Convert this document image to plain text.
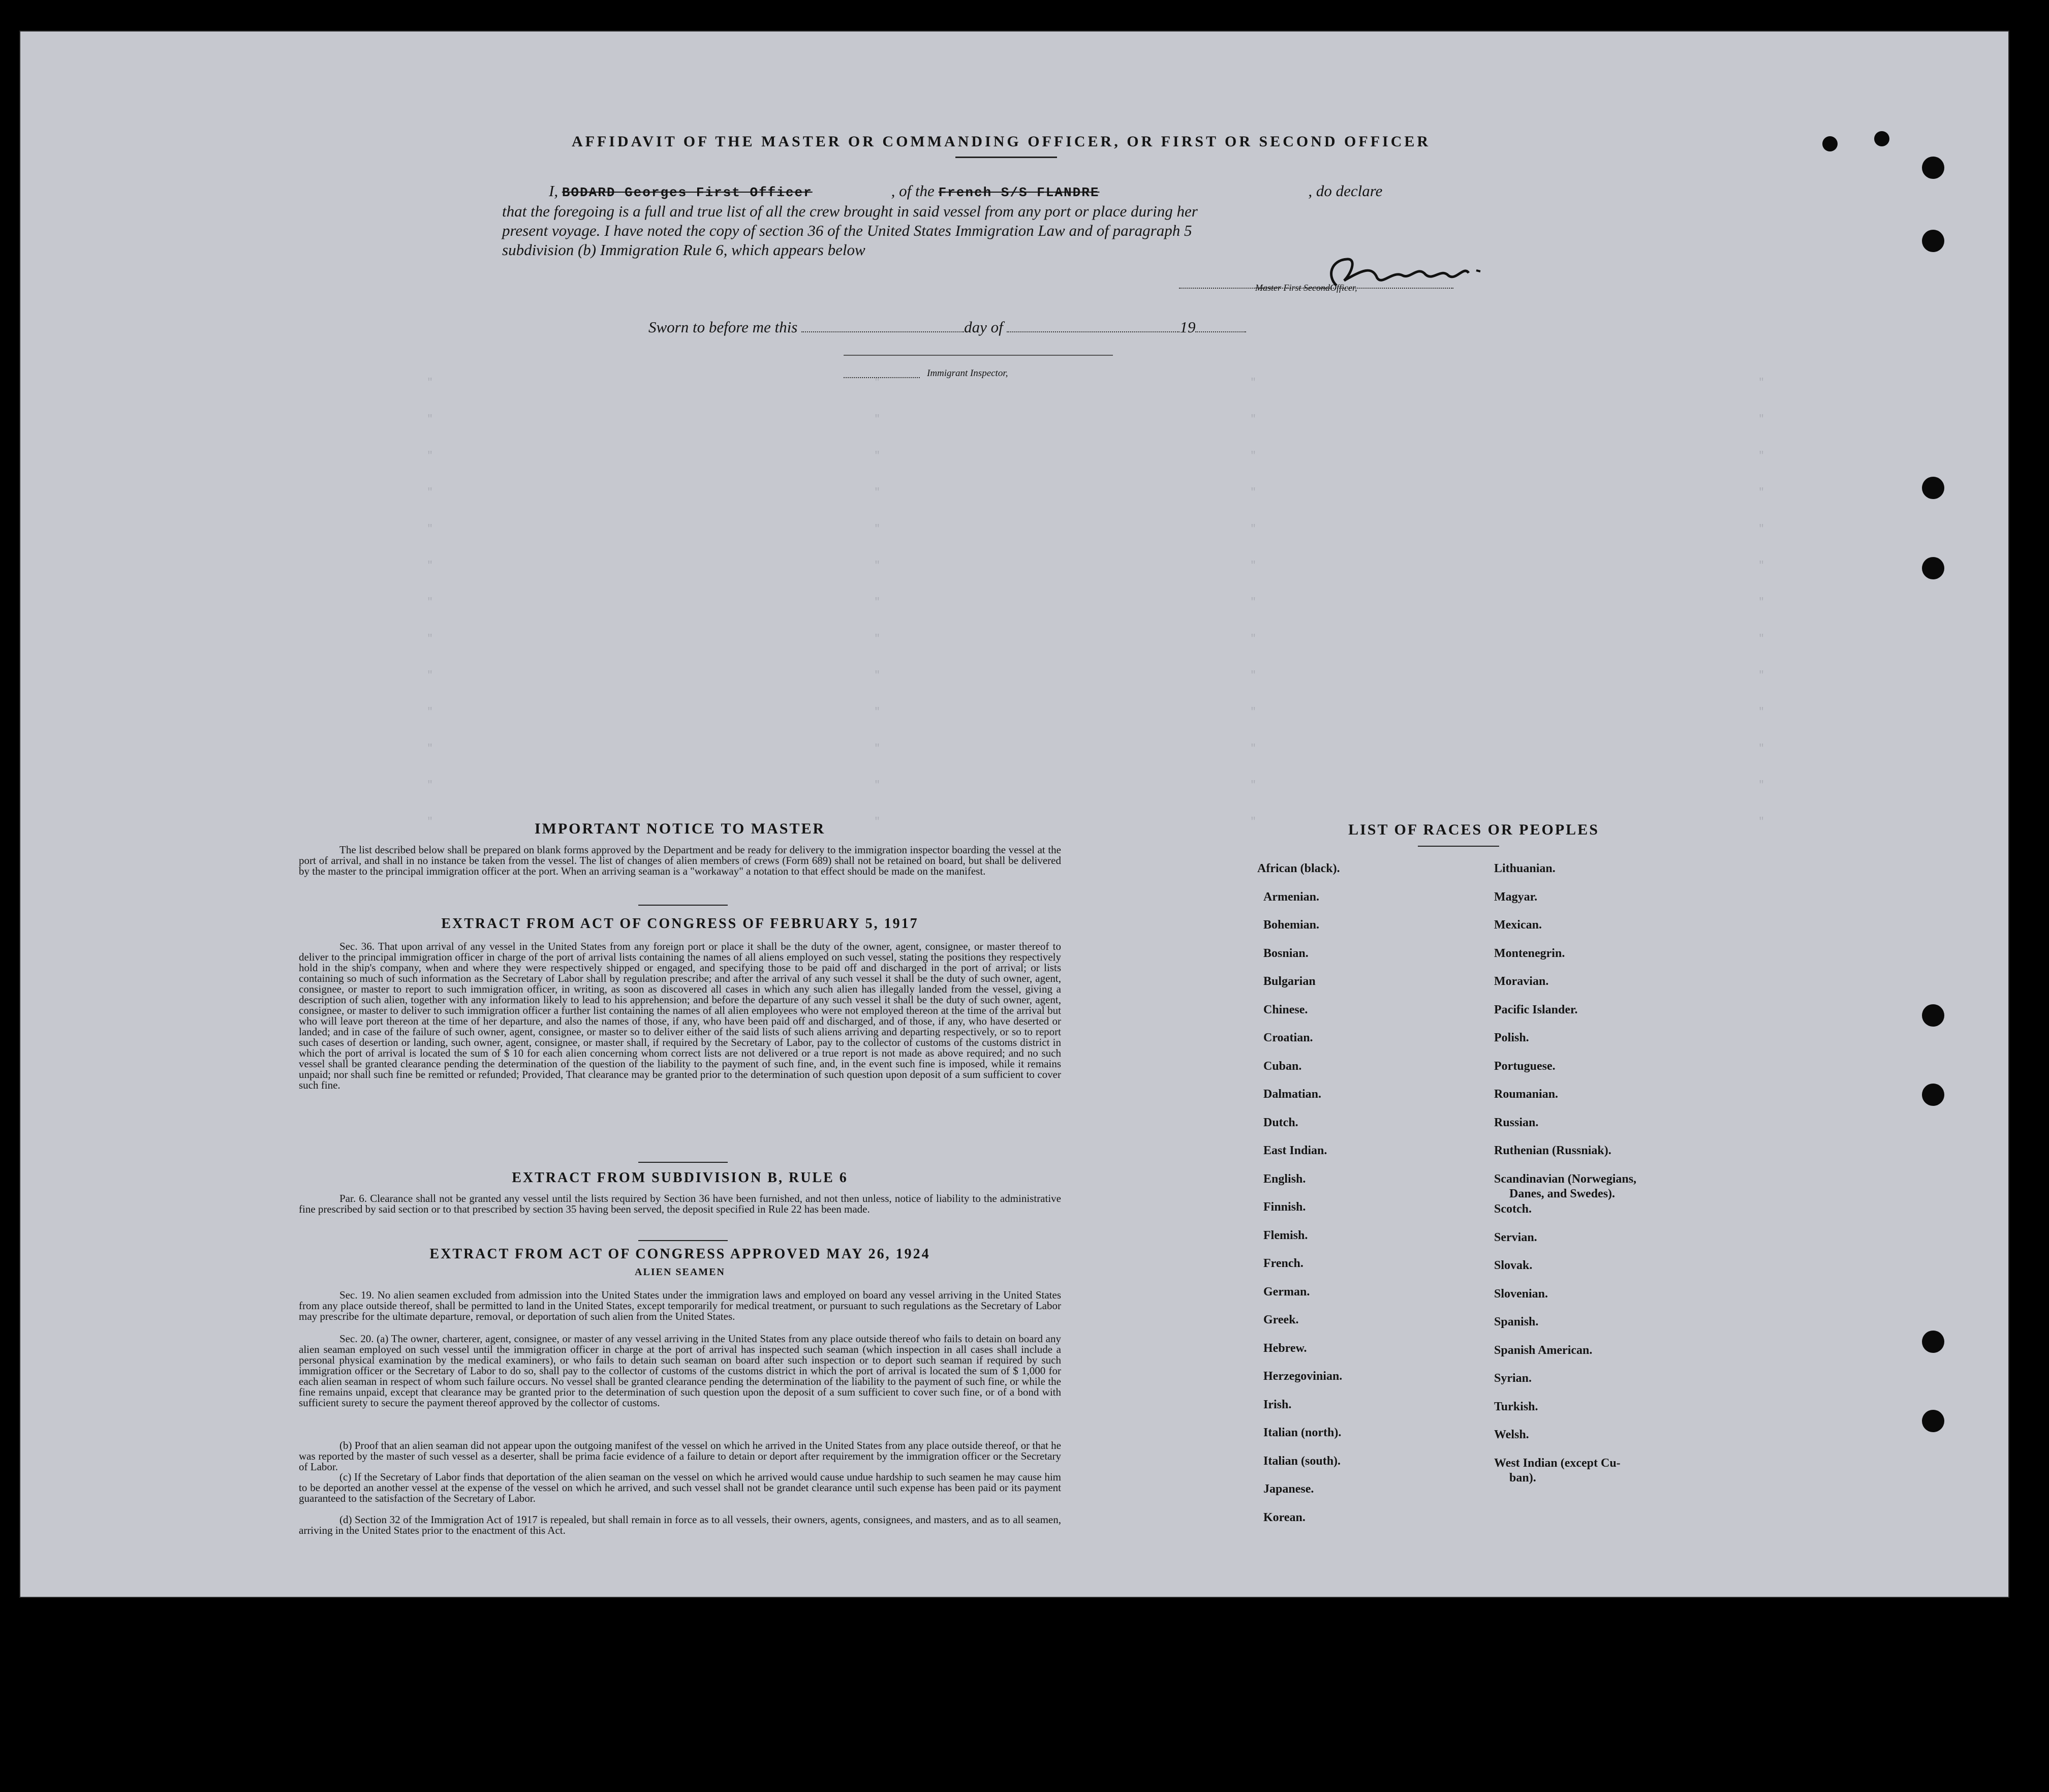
"	"	"	"
"	"	"	"
"	"	"	"
"	"	"	"
"	"	"	"
"	"	"	"
"	"	"	"
"	"	"	"
"	"	"	"
"	"	"	"
"	"	"	"
"	"	"	"
"	"	"	"
AFFIDAVIT OF THE MASTER OR COMMANDING OFFICER, OR FIRST OR SECOND OFFICER
I, BODARD Georges First Officer	, of the French S/S FLANDRE	, do declare
that the foregoing is a full and true list of all the crew brought in said vessel from any port or place during her
present voyage. I have noted the copy of section 36 of the United States Immigration Law and of paragraph 5
subdivision (b) Immigration Rule 6, which appears below
Master First SecondOfficer,
Sworn to before me this	day of	19
Immigrant Inspector,
IMPORTANT NOTICE TO MASTER
The list described below shall be prepared on blank forms approved by the Department and be ready for delivery to the immigration inspector boarding the vessel at the port of arrival, and shall in no instance be taken from the vessel. The list of changes of alien members of crews (Form 689) shall not be retained on board, but shall be delivered by the master to the principal immigration officer at the port. When an arriving seaman is a "workaway" a notation to that effect should be made on the manifest.
EXTRACT FROM ACT OF CONGRESS OF FEBRUARY 5, 1917
Sec. 36. That upon arrival of any vessel in the United States from any foreign port or place it shall be the duty of the owner, agent, consignee, or master thereof to deliver to the principal immigration officer in charge of the port of arrival lists containing the names of all aliens employed on such vessel, stating the positions they respectively hold in the ship's company, when and where they were respectively shipped or engaged, and specifying those to be paid off and discharged in the port of arrival; or lists containing so much of such information as the Secretary of Labor shall by regulation prescribe; and after the arrival of any such vessel it shall be the duty of such owner, agent, consignee, or master to report to such immigration officer, in writing, as soon as discovered all cases in which any such alien has illegally landed from the vessel, giving a description of such alien, together with any information likely to lead to his apprehension; and before the departure of any such vessel it shall be the duty of such owner, agent, consignee, or master to deliver to such immigration officer a further list containing the names of all alien employees who were not employed thereon at the time of the arrival but who will leave port thereon at the time of her departure, and also the names of those, if any, who have been paid off and discharged, and of those, if any, who have deserted or landed; and in case of the failure of such owner, agent, consignee, or master so to deliver either of the said lists of such aliens arriving and departing respectively, or so to report such cases of desertion or landing, such owner, agent, consignee, or master shall, if required by the Secretary of Labor, pay to the collector of customs of the customs district in which the port of arrival is located the sum of $ 10 for each alien concerning whom correct lists are not delivered or a true report is not made as above required; and no such vessel shall be granted clearance pending the determination of the question of the liability to the payment of such fine, and, in the event such fine is imposed, while it remains unpaid; nor shall such fine be remitted or refunded; Provided, That clearance may be granted prior to the determination of such question upon deposit of a sum sufficient to cover such fine.
EXTRACT FROM SUBDIVISION B, RULE 6
Par. 6. Clearance shall not be granted any vessel until the lists required by Section 36 have been furnished, and not then unless, notice of liability to the administrative fine prescribed by said section or to that prescribed by section 35 having been served, the deposit specified in Rule 22 has been made.
EXTRACT FROM ACT OF CONGRESS APPROVED MAY 26, 1924
ALIEN SEAMEN
Sec. 19. No alien seamen excluded from admission into the United States under the immigration laws and employed on board any vessel arriving in the United States from any place outside thereof, shall be permitted to land in the United States, except temporarily for medical treatment, or pursuant to such regulations as the Secretary of Labor may prescribe for the ultimate departure, removal, or deportation of such alien from the United States.
Sec. 20. (a) The owner, charterer, agent, consignee, or master of any vessel arriving in the United States from any place outside thereof who fails to detain on board any alien seaman employed on such vessel until the immigration officer in charge at the port of arrival has inspected such seaman (which inspection in all cases shall include a personal physical examination by the medical examiners), or who fails to detain such seaman on board after such inspection or to deport such seaman if required by such immigration officer or the Secretary of Labor to do so, shall pay to the collector of customs of the customs district in which the port of arrival is located the sum of $ 1,000 for each alien seaman in respect of whom such failure occurs. No vessel shall be granted clearance pending the determination of the liability to the payment of such fine, or while the fine remains unpaid, except that clearance may be granted prior to the determination of such question upon the deposit of a sum sufficient to cover such fine, or of a bond with sufficient surety to secure the payment thereof approved by the collector of customs.
(b) Proof that an alien seaman did not appear upon the outgoing manifest of the vessel on which he arrived in the United States from any place outside thereof, or that he was reported by the master of such vessel as a deserter, shall be prima facie evidence of a failure to detain or deport after requirement by the immigration officer or the Secretary of Labor.
(c) If the Secretary of Labor finds that deportation of the alien seaman on the vessel on which he arrived would cause undue hardship to such seamen he may cause him to be deported an another vessel at the expense of the vessel on which he arrived, and such vessel shall not be grandet clearance until such expense has been paid or its payment guaranteed to the satisfaction of the Secretary of Labor.
(d) Section 32 of the Immigration Act of 1917 is repealed, but shall remain in force as to all vessels, their owners, agents, consignees, and masters, and as to all seamen, arriving in the United States prior to the enactment of this Act.
LIST OF RACES OR PEOPLES
African (black).
Armenian.
Bohemian.
Bosnian.
Bulgarian
Chinese.
Croatian.
Cuban.
Dalmatian.
Dutch.
East Indian.
English.
Finnish.
Flemish.
French.
German.
Greek.
Hebrew.
Herzegovinian.
Irish.
Italian (north).
Italian (south).
Japanese.
Korean.
Lithuanian.
Magyar.
Mexican.
Montenegrin.
Moravian.
Pacific Islander.
Polish.
Portuguese.
Roumanian.
Russian.
Ruthenian (Russniak).
Scandinavian (Norwegians,
Danes, and Swedes).
Scotch.
Servian.
Slovak.
Slovenian.
Spanish.
Spanish American.
Syrian.
Turkish.
Welsh.
West Indian (except Cu-
ban).
